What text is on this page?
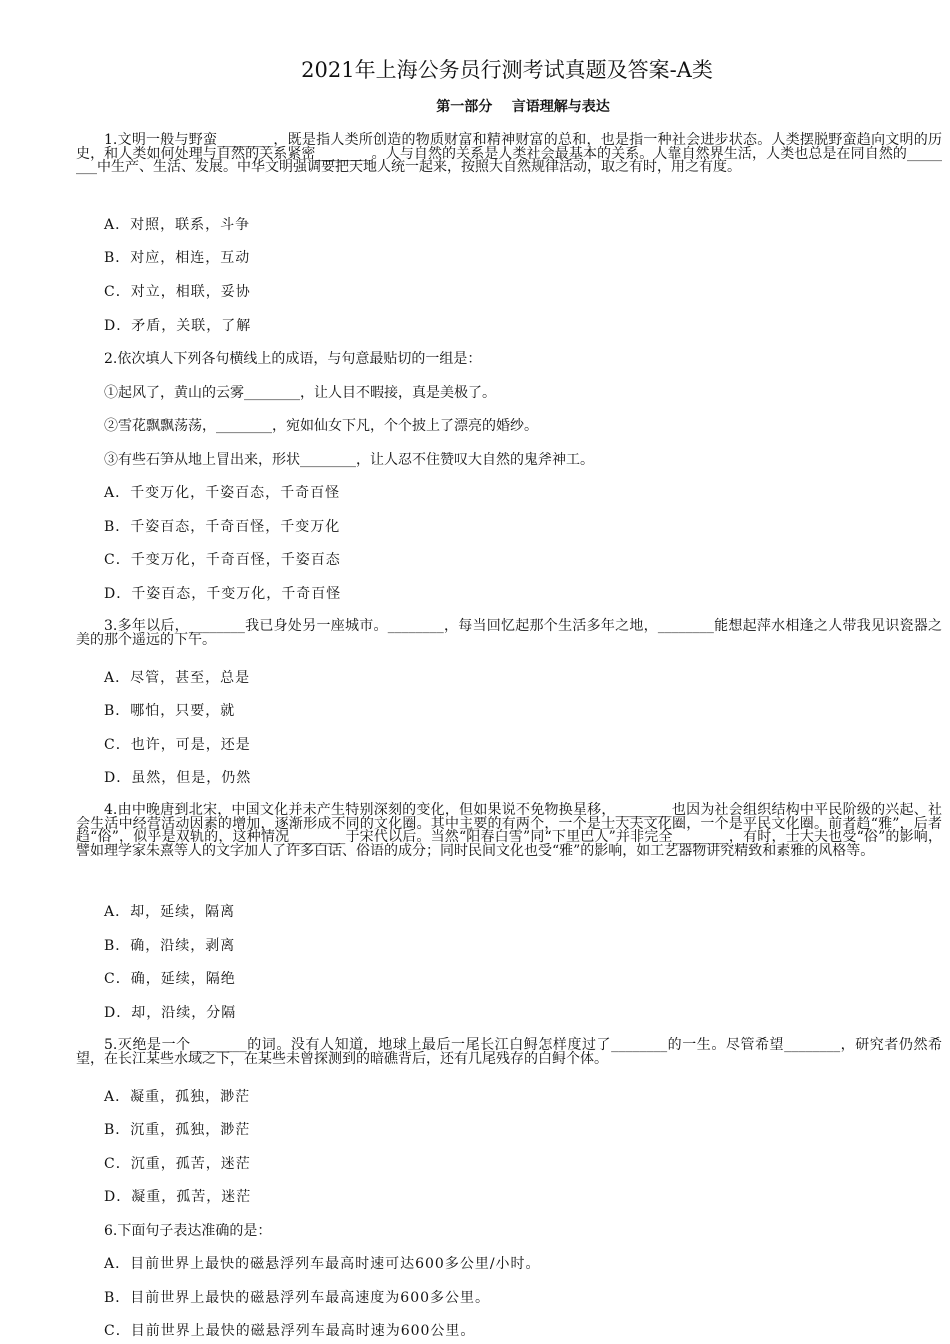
2021年上海公务员行测考试真题及答案-A类
第一部分    言语理解与表达
1.文明一般与野蛮________，既是指人类所创造的物质财富和精神财富的总和，也是指一种社会进步状态。人类摆脱野蛮趋向文明的历史，和人类如何处理与自然的关系紧密________。人与自然的关系是人类社会最基本的关系。人靠自然界生活，人类也总是在同自然的________中生产、生活、发展。中华文明强调要把天地人统一起来，按照大自然规律活动，取之有时，用之有度。
A．对照，联系，斗争
B．对应，相连，互动
C．对立，相联，妥协
D．矛盾，关联，了解
2.依次填人下列各句横线上的成语，与句意最贴切的一组是：
①起风了，黄山的云雾________，让人目不暇接，真是美极了。
②雪花飘飘荡荡，________，宛如仙女下凡，个个披上了漂亮的婚纱。
③有些石笋从地上冒出来，形状________，让人忍不住赞叹大自然的鬼斧神工。
A．千变万化，千姿百态，千奇百怪
B．千姿百态，千奇百怪，千变万化
C．千变万化，千奇百怪，千姿百态
D．千姿百态，千变万化，千奇百怪
3.多年以后，________我已身处另一座城市。________，每当回忆起那个生活多年之地，________能想起萍水相逢之人带我见识瓷器之美的那个遥远的下午。
A．尽管，甚至，总是
B．哪怕，只要，就
C．也许，可是，还是
D．虽然，但是，仍然
4.由中晚唐到北宋，中国文化并未产生特别深刻的变化，但如果说不免物换星移，________也因为社会组织结构中平民阶级的兴起、社会生活中经营活动因素的增加，逐渐形成不同的文化圈。其中主要的有两个，一个是士大夫文化圈，一个是平民文化圈。前者趋“雅”，后者趋“俗”，似乎是双轨的，这种情况________于宋代以后。当然“阳春白雪”同“下里巴人”并非完全________，有时，士大夫也受“俗”的影响，譬如理学家朱熹等人的文字加人了许多白话、俗语的成分；同时民间文化也受“雅”的影响，如工艺器物讲究精致和素雅的风格等。
A．却，延续，隔离
B．确，沿续，剥离
C．确，延续，隔绝
D．却，沿续，分隔
5.灭绝是一个________的词。没有人知道，地球上最后一尾长江白鲟怎样度过了________的一生。尽管希望________，研究者仍然希望，在长江某些水域之下，在某些未曾探测到的暗礁背后，还有几尾残存的白鲟个体。
A．凝重，孤独，渺茫
B．沉重，孤独，渺茫
C．沉重，孤苦，迷茫
D．凝重，孤苦，迷茫
6.下面句子表达准确的是：
A．目前世界上最快的磁悬浮列车最高时速可达600多公里/小时。
B．目前世界上最快的磁悬浮列车最高速度为600多公里。
C．目前世界上最快的磁悬浮列车最高时速为600公里。
